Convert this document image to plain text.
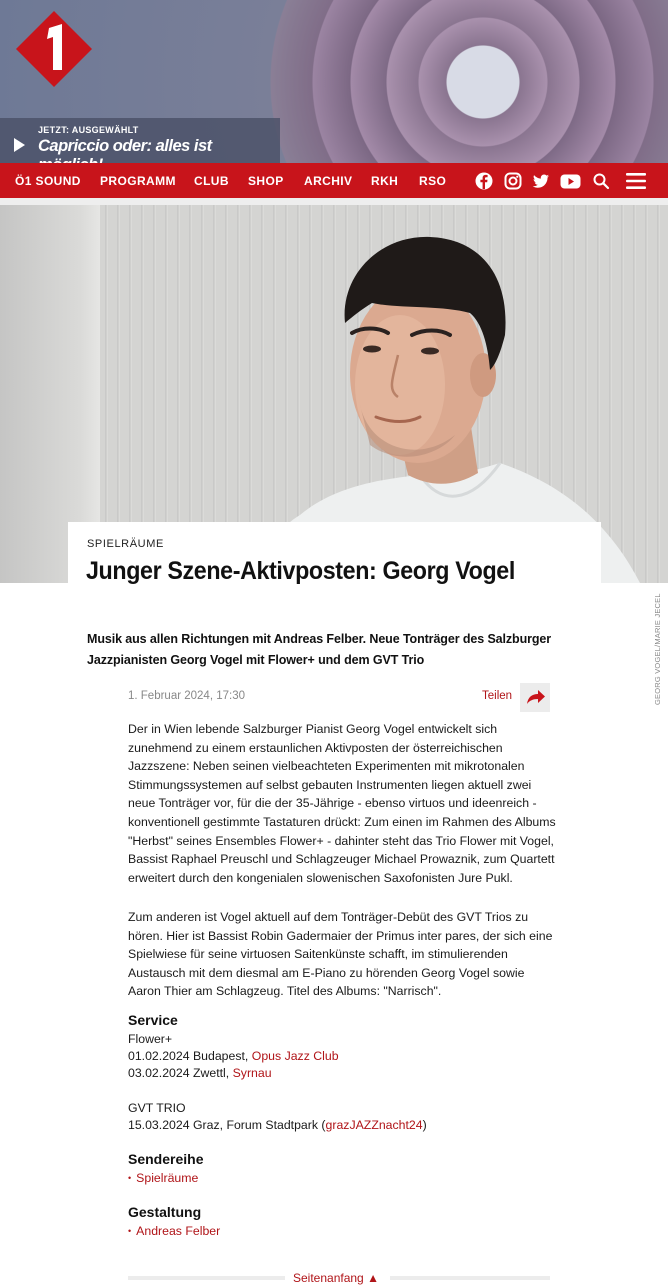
JETZT: AUSGEWÄHLT
Capriccio oder: alles ist
Ö1 SOUND PROGRAMM CLUB SHOP ARCHIV RKH RSO
GEORG VOGEL/MARIE JECEL
SPIELRÄUME
Junger Szene-Aktivposten: Georg Vogel

Musik aus allen Richtungen mit Andreas Felber. Neue Tonträger des Salzburger Jazzpianisten Georg Vogel mit Flower+ und dem GVT Trio

1. Februar 2024, 17:30	Teilen

Der in Wien lebende Salzburger Pianist Georg Vogel entwickelt sich zunehmend zu einem erstaunlichen Aktivposten der österreichischen Jazzszene: Neben seinen vielbeachteten Experimenten mit mikrotonalen Stimmungssystemen auf selbst gebauten Instrumenten liegen aktuell zwei neue Tonträger vor, für die der 35-Jährige - ebenso virtuos und ideenreich - konventionell gestimmte Tastaturen drückt: Zum einen im Rahmen des Albums "Herbst" seines Ensembles Flower+ - dahinter steht das Trio Flower mit Vogel, Bassist Raphael Preuschl und Schlagzeuger Michael Prowaznik, zum Quartett erweitert durch den kongenialen slowenischen Saxofonisten Jure Pukl.

Zum anderen ist Vogel aktuell auf dem Tonträger-Debüt des GVT Trios zu hören. Hier ist Bassist Robin Gadermaier der Primus inter pares, der sich eine Spielwiese für seine virtuosen Saitenkünste schafft, im stimulierenden Austausch mit dem diesmal am E-Piano zu hörenden Georg Vogel sowie Aaron Thier am Schlagzeug. Titel des Albums: "Narrisch".

Service
Flower+
01.02.2024 Budapest, Opus Jazz Club
03.02.2024 Zwettl, Syrnau
GVT TRIO
15.03.2024 Graz, Forum Stadtpark (grazJAZZnacht24)
Sendereihe
• Spielräume
Gestaltung
• Andreas Felber
Seitenanfang ▲
